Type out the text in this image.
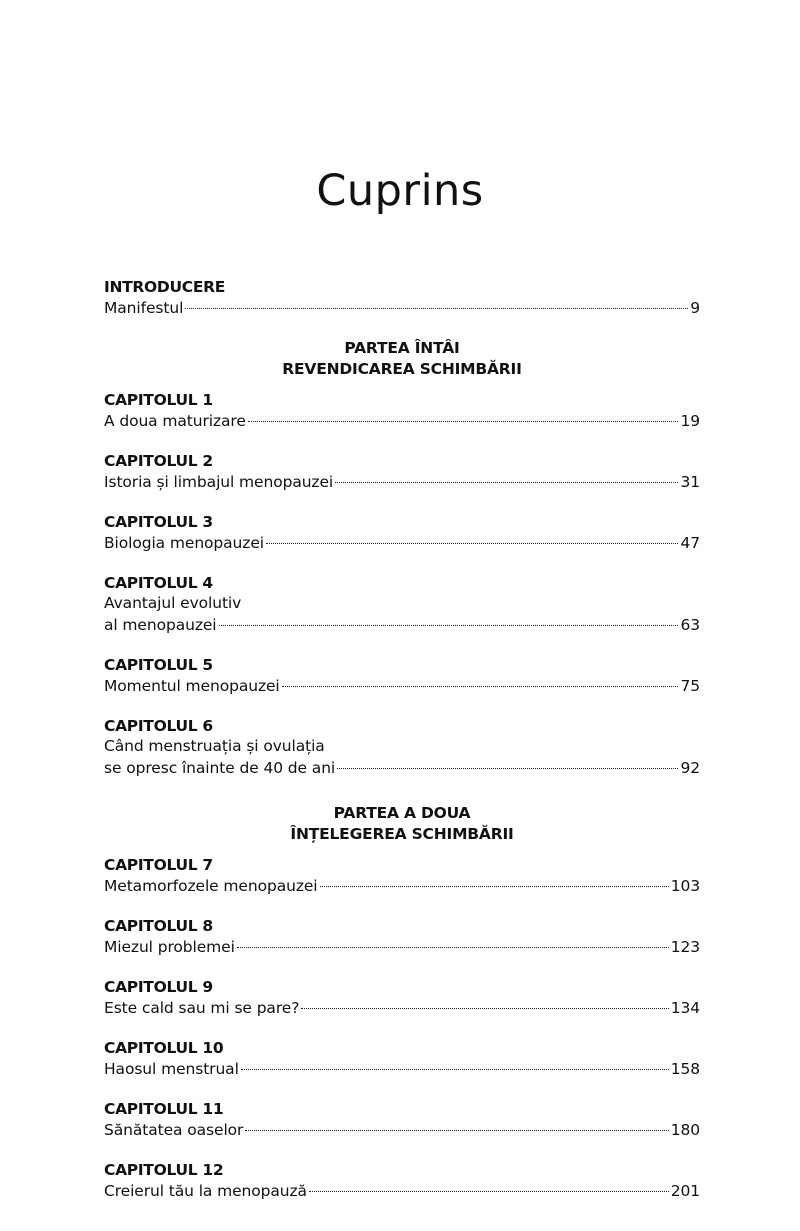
Cuprins
INTRODUCERE
Manifestul	9
PARTEA ÎNTÂI
REVENDICAREA SCHIMBĂRII
CAPITOLUL 1
A doua maturizare	19
CAPITOLUL 2
Istoria și limbajul menopauzei	31
CAPITOLUL 3
Biologia menopauzei	47
CAPITOLUL 4
Avantajul evolutiv
al menopauzei	63
CAPITOLUL 5
Momentul menopauzei	75
CAPITOLUL 6
Când menstruația și ovulația
se opresc înainte de 40 de ani	92
PARTEA A DOUA
ÎNȚELEGEREA SCHIMBĂRII
CAPITOLUL 7
Metamorfozele menopauzei	103
CAPITOLUL 8
Miezul problemei	123
CAPITOLUL 9
Este cald sau mi se pare?	134
CAPITOLUL 10
Haosul menstrual	158
CAPITOLUL 11
Sănătatea oaselor	180
CAPITOLUL 12
Creierul tău la menopauză	201
